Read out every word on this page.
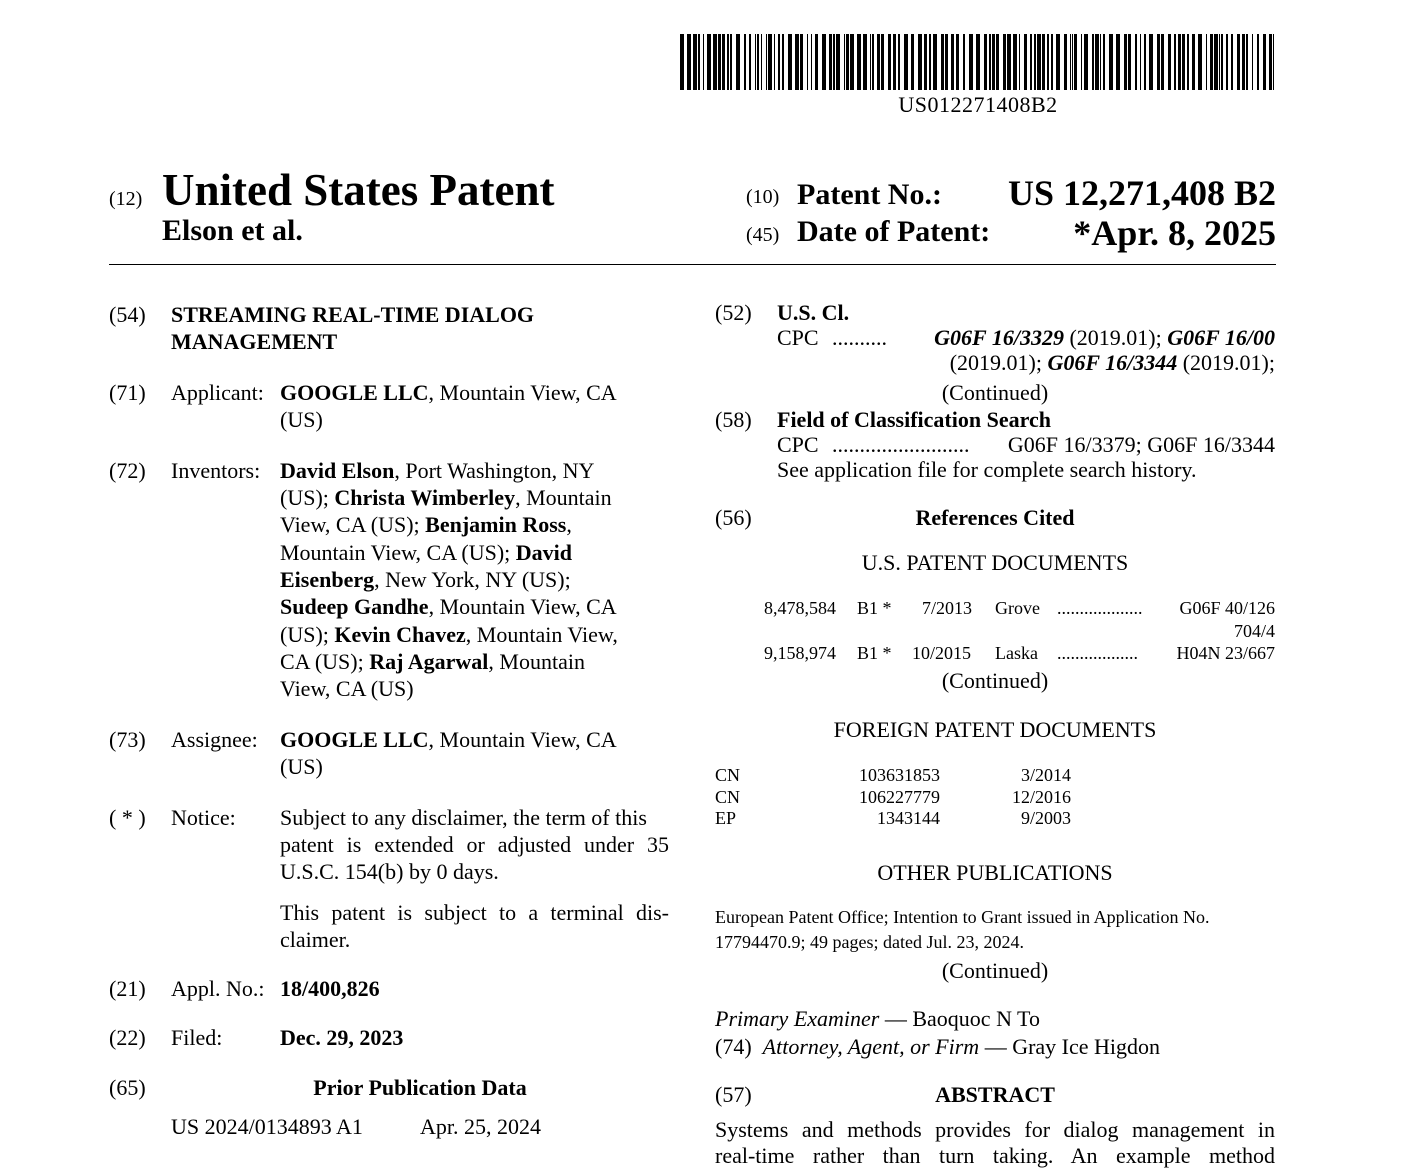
US012271408B2
(12) United States Patent
Elson et al.
(10) Patent No.: US 12,271,408 B2
(45) Date of Patent: *Apr. 8, 2025
(54) STREAMING REAL-TIME DIALOG
MANAGEMENT
(71) Applicant: GOOGLE LLC, Mountain View, CA
(US)
(72) Inventors: David Elson, Port Washington, NY
(US); Christa Wimberley, Mountain
View, CA (US); Benjamin Ross,
Mountain View, CA (US); David
Eisenberg, New York, NY (US);
Sudeep Gandhe, Mountain View, CA
(US); Kevin Chavez, Mountain View,
CA (US); Raj Agarwal, Mountain
View, CA (US)
(73) Assignee: GOOGLE LLC, Mountain View, CA
(US)
( * ) Notice: Subject to any disclaimer, the term of this
patent is extended or adjusted under 35
U.S.C. 154(b) by 0 days.
This patent is subject to a terminal dis-
claimer.
(21) Appl. No.: 18/400,826
(22) Filed:	Dec. 29, 2023
(65)	Prior Publication Data
US 2024/0134893 A1	Apr. 25, 2024
(52) U.S. Cl.
CPC .......... G06F 16/3329 (2019.01); G06F 16/00
(2019.01); G06F 16/3344 (2019.01);
(Continued)
(58) Field of Classification Search
CPC ......................... G06F 16/3379; G06F 16/3344
See application file for complete search history.
(56)	References Cited
U.S. PATENT DOCUMENTS
8,478,584 B1 * 7/2013 Grove ................... G06F 40/126
704/4
9,158,974 B1 * 10/2015 Laska .................. H04N 23/667
(Continued)
FOREIGN PATENT DOCUMENTS
CN	103631853	3/2014
CN	106227779	12/2016
EP	1343144	9/2003
OTHER PUBLICATIONS
European Patent Office; Intention to Grant issued in Application No.
17794470.9; 49 pages; dated Jul. 23, 2024.
(Continued)
Primary Examiner — Baoquoc N To
(74) Attorney, Agent, or Firm — Gray Ice Higdon
(57)	ABSTRACT
Systems and methods provides for dialog management in
real-time rather than turn taking. An example method
